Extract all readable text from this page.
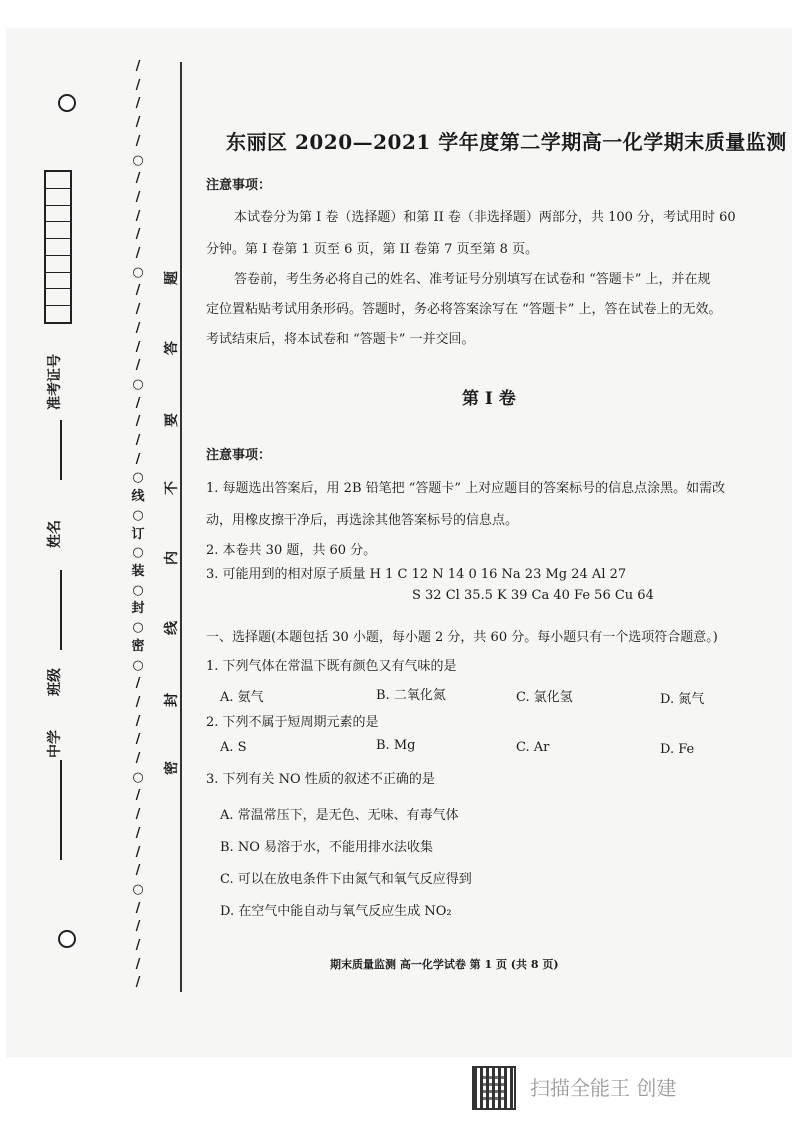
准考证号
姓名
班级
中学
/
/
/
/
/
○
/
/
/
/
/
○
/
/
/
/
/
○
/
/
/
/
○
线
○
订
○
装
○
封
○
密
○
/
/
/
/
/
○
/
/
/
/
/
○
/
/
/
/
/
题
答
要
不
内
线
封
密
东丽区 2020—2021 学年度第二学期高一化学期末质量监测
注意事项：
本试卷分为第 I 卷（选择题）和第 II 卷（非选择题）两部分，共 100 分，考试用时 60
分钟。第 I 卷第 1 页至 6 页，第 II 卷第 7 页至第 8 页。
答卷前，考生务必将自己的姓名、准考证号分别填写在试卷和 “答题卡” 上，并在规
定位置粘贴考试用条形码。答题时，务必将答案涂写在 “答题卡” 上，答在试卷上的无效。
考试结束后，将本试卷和 “答题卡” 一并交回。
第 I 卷
注意事项：
1. 每题选出答案后，用 2B 铅笔把 “答题卡” 上对应题目的答案标号的信息点涂黑。如需改
动，用橡皮擦干净后，再选涂其他答案标号的信息点。
2. 本卷共 30 题，共 60 分。
3. 可能用到的相对原子质量 H 1 C 12 N 14 0 16 Na 23 Mg 24 Al 27
S 32 Cl 35.5 K 39 Ca 40 Fe 56 Cu 64
一、选择题(本题包括 30 小题，每小题 2 分，共 60 分。每小题只有一个选项符合题意。)
1. 下列气体在常温下既有颜色又有气味的是
A. 氨气	B. 二氧化氮	C. 氯化氢	D. 氮气
2. 下列不属于短周期元素的是
A. S	B. Mg	C. Ar	D. Fe
3. 下列有关 NO 性质的叙述不正确的是
A. 常温常压下，是无色、无味、有毒气体
B. NO 易溶于水，不能用排水法收集
C. 可以在放电条件下由氮气和氧气反应得到
D. 在空气中能自动与氧气反应生成 NO₂
期末质量监测 高一化学试卷 第 1 页 (共 8 页)
扫描全能王 创建
